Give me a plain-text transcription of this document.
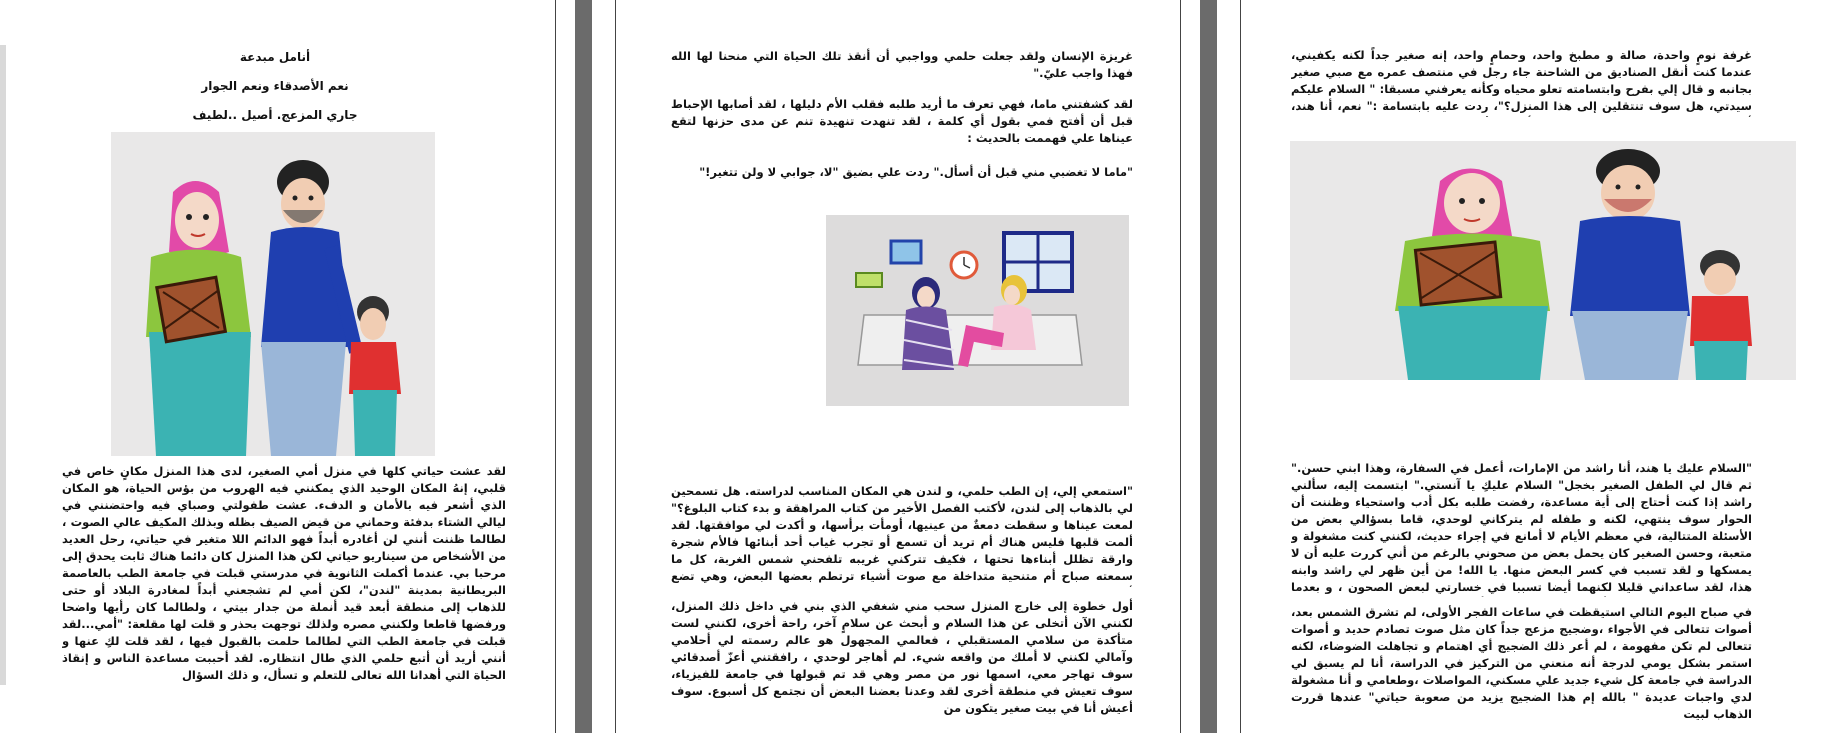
أنامل مبدعة
نعم الأصدقاء ونعم الجوار
جاري المزعج. أصيل ..لطيف
لقد عشت حياتي كلها في منزل أمي الصغير، لدى هذا المنزل مكانٍ خاص في قلبي، إنهُ المكان الوحيد الذي يمكنني فيه الهروب من بؤس الحياة، هو المكان الذي أشعر فيه بالأمان و الدفء. عشت طفولتي وصباي فيه واحتضنني في ليالي الشتاء بدفئة وحماني من قيض الصيف بظله وبذلك المكيف عالي الصوت ، لطالما ظننت أنني لن أغادره أبداً فهو الدائم اللا متغير في حياتي، رحل العديد من الأشخاص من سيناريو حياتي لكن هذا المنزل كان دائما هناك ثابت يحدق إلى مرحبا بي. عندما أكملت الثانوية في مدرستي قبلت في جامعة الطب بالعاصمة البريطانية بمدينة "لندن"، لكن أمي لم تشجعني أبداً لمغادرة البلاد أو حتى للذهاب إلى منطقة أبعد قيد أنملة من جدار بيتي ، ولطالما كان رأيها واضحا ورفضها قاطعا ولكنني مصره ولذلك توجهت بحذر و قلت لها مقلعة: "أمي...لقد قبلت في جامعة الطب التي لطالما حلمت بالقبول فيها ، لقد قلت لكِ عنها و أنني أريد أن أتبع حلمي الذي طال انتظاره. لقد أحببت مساعدة الناس و إنقاذ الحياة التي أهدانا الله تعالى للتعلم و تسأل، و ذلك السؤال
غريزة الإنسان ولقد جعلت حلمي وواجبي أن أنقذ تلك الحياة التي منحنا لها الله فهذا واجب عليّ."
لقد كشفتني ماما، فهي تعرف ما أريد طلبه فقلب الأم دليلها ، لقد أصابها الإحباط قبل أن أفتح فمي بقول أي كلمة ، لقد تنهدت تنهيدة تنم عن مدى حزنها لتقع عيناها علي فهممت بالحديث :
"ماما لا تغضبي مني قبل أن أسأل." ردت علي بضيق "لا، جوابي لا ولن تتغير!"
"استمعي إلي، إن الطب حلمي، و لندن هي المكان المناسب لدراسته. هل تسمحين لي بالذهاب إلى لندن، لأكتب الفصل الأخير من كتاب المراهقة و بدء كتاب البلوغ؟" لمعت عيناها و سقطت دمعةٌ من عينيها، أومأت برأسها، و أكدت لي موافقتها. لقد ألمت قلبها فليس هناك أم تريد أن تسمع أو تجرب غياب أحد أبنائها فالأم شجرة وارقة تظلل أبناءها تحتها ، فكيف تتركني غريبه تلفحني شمس الغربة، كل ما سمعته صباح أم متنحية متداخلة مع صوت أشياء ترتطم بعضها البعض، وهي تضع
أول خطوة إلى خارج المنزل سحب مني شغفي الذي بني في داخل ذلك المنزل، لكنني الآن أتخلى عن هذا السلام و أبحث عن سلامٍ آخر، راحة أخرى، لكنني لست متأكدة من سلامي المستقبلي ، فعالمي المجهول هو عالم رسمته لي أحلامي وآمالي لكنني لا أملك من واقعه شيء. لم أهاجر لوحدي ، رافقتني أعزّ أصدقائي سوف تهاجر معي، اسمها نور من مصر وهي قد تم قبولها في جامعة للفيزياء، سوف تعيش في منطقة أخرى لقد وعدنا بعضنا البعض أن نجتمع كل أسبوع. سوف أعيش أنا في بيت صغير يتكون من
غرفة نومٍ واحدة، صالة و مطبخ واحد، وحمامٍ واحد، إنه صغير جداً لكنه يكفيني، عندما كنت أنقل الصناديق من الشاحنة جاء رجل في منتصف عمره مع صبي صغير بجانبه و قال إلي بفرح وابتسامته تعلو محياه وكأنه يعرفني مسبقا: " السلام عليكم سيدتي، هل سوف تنتقلين إلى هذا المنزل؟"، ردت عليه بابتسامة :" نعم، أنا هند،
"السلام عليك يا هند، أنا راشد من الإمارات، أعمل في السفارة، وهذا ابني حسن." ثم قال لي الطفل الصغير بخجل" السلام عليكِ يا آنستي." ابتسمت إليه، سألني راشد إذا كنت أحتاج إلى أية مساعدة، رفضت طلبه بكل أدب واستحياء وظننت أن الحوار سوف ينتهي، لكنه و طفله لم يتركاني لوحدي، قاما بسؤالي بعض من الأسئلة المتتالية، في معظم الأيام لا أمانع في إجراء حديث، لكنني كنت مشغولة و متعبة، وحسن الصغير كان يحمل بعض من صحوني بالرغم من أني كررت عليه أن لا يمسكها و لقد تسبب في كسر البعض منها. يا الله! من أين ظهر لي راشد وابنه هذا، لقد ساعداني قليلا لكنهما أيضا تسببا في خسارتي لبعض الصحون ، و بعدما
في صباح اليوم التالي استيقظت في ساعات الفجر الأولى، لم تشرق الشمس بعد، أصوات تتعالى في الأجواء ،وضجيج مزعج جداً كان مثل صوت تصادم حديد و أصوات تتعالى لم تكن مفهومة ، لم أعر ذلك الضجيج أي اهتمام و تجاهلت الضوضاء، لكنه استمر بشكل يومي لدرجة أنه منعني من التركيز في الدراسة، أنا لم يسبق لي الدراسة في جامعة كل شيء جديد علي مسكني، المواصلات ،وطعامي و أنا مشغولة لدي واجبات عديدة " بالله إم هذا الضجيج يزيد من صعوبة حياتي" عندها قررت الذهاب لبيت
